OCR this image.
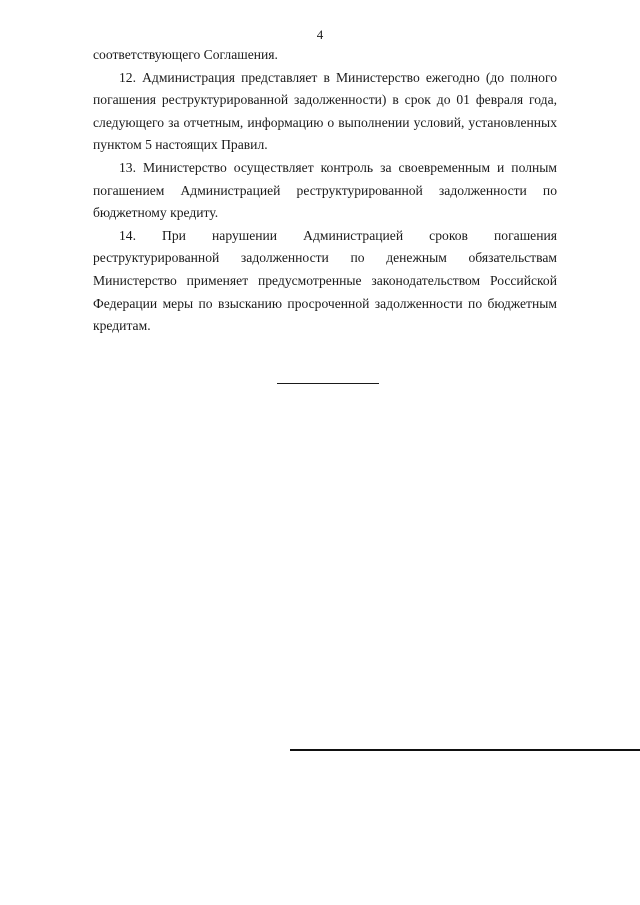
4

соответствующего Соглашения.

12. Администрация представляет в Министерство ежегодно (до полного погашения реструктурированной задолженности) в срок до 01 февраля года, следующего за отчетным, информацию о выполнении условий, установленных пунктом 5 настоящих Правил.

13. Министерство осуществляет контроль за своевременным и полным погашением Администрацией реструктурированной задолженности по бюджетному кредиту.

14. При нарушении Администрацией сроков погашения реструктурированной задолженности по денежным обязательствам Министерство применяет предусмотренные законодательством Российской Федерации меры по взысканию просроченной задолженности по бюджетным кредитам.
